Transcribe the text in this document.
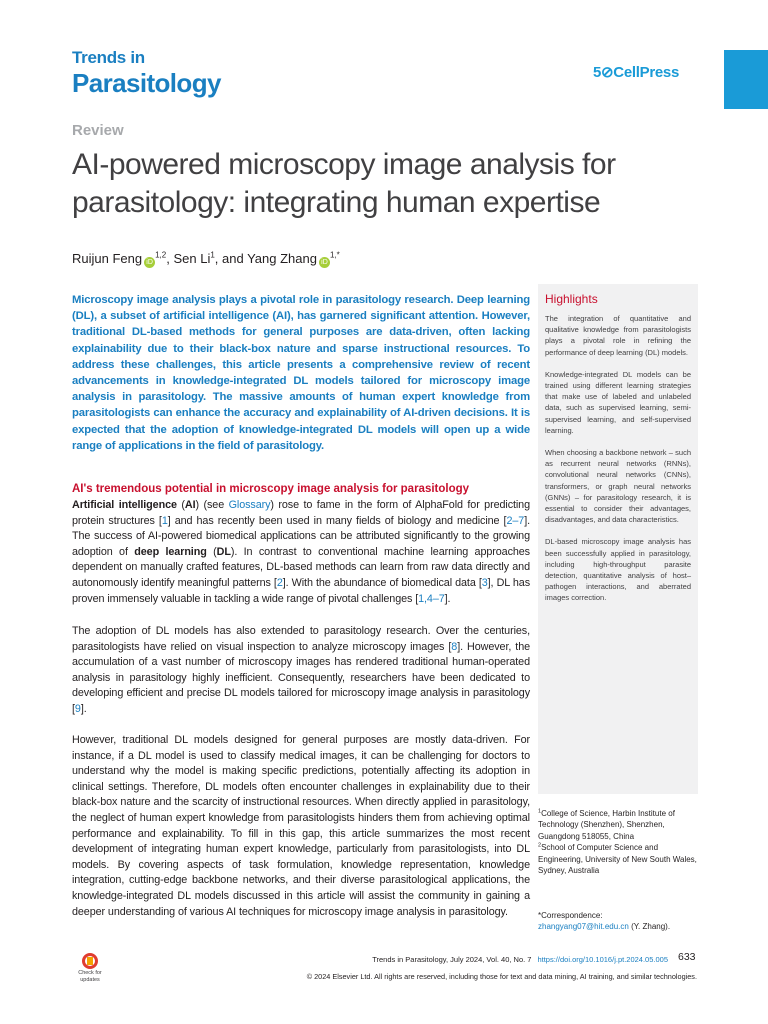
Trends in
Parasitology	5⊘CellPress
Review
AI-powered microscopy image analysis for parasitology: integrating human expertise
Ruijun Feng iD$^{1,2}$, Sen Li$^1$, and Yang Zhang $iD^{1,*}$

Microscopy image analysis plays a pivotal role in parasitology research. Deep learning (DL), a subset of artificial intelligence (AI), has garnered significant attention. However, traditional DL-based methods for general purposes are data-driven, often lacking explainability due to their black-box nature and sparse instructional resources. To address these challenges, this article presents a comprehensive review of recent advancements in knowledge-integrated DL models tailored for microscopy image analysis in parasitology. The massive amounts of human expert knowledge from parasitologists can enhance the accuracy and explainability of AI-driven decisions. It is expected that the adoption of knowledge-integrated DL models will open up a wide range of applications in the field of parasitology.

Highlights

The integration of quantitative and qualitative knowledge from parasitologists plays a pivotal role in refining the performance of deep learning (DL) models.

Knowledge-integrated DL models can be trained using different learning strategies that make use of labeled and unlabeled data, such as supervised learning, semi-supervised learning, and self-supervised learning.

When choosing a backbone network – such as recurrent neural networks (RNNs), convolutional neural networks (CNNs), transformers, or graph neural networks (GNNs) – for parasitology research, it is essential to consider their advantages, disadvantages, and data characteristics.

DL-based microscopy image analysis has been successfully applied in parasitology, including high-throughput parasite detection, quantitative analysis of host–pathogen interactions, and aberrated images correction.

AI's tremendous potential in microscopy image analysis for parasitology

Artificial intelligence (AI) (see Glossary) rose to fame in the form of AlphaFold for predicting protein structures [1] and has recently been used in many fields of biology and medicine [2–7]. The success of AI-powered biomedical applications can be attributed significantly to the growing adoption of deep learning (DL). In contrast to conventional machine learning approaches dependent on manually crafted features, DL-based methods can learn from raw data directly and autonomously identify meaningful patterns [2]. With the abundance of biomedical data [3], DL has proven immensely valuable in tackling a wide range of pivotal challenges [1,4–7].

The adoption of DL models has also extended to parasitology research. Over the centuries, parasitologists have relied on visual inspection to analyze microscopy images [8]. However, the accumulation of a vast number of microscopy images has rendered traditional human-operated analysis in parasitology highly inefficient. Consequently, researchers have been dedicated to developing efficient and precise DL models tailored for microscopy image analysis in parasitology [9].

However, traditional DL models designed for general purposes are mostly data-driven. For instance, if a DL model is used to classify medical images, it can be challenging for doctors to understand why the model is making specific predictions, potentially affecting its adoption in clinical settings. Therefore, DL models often encounter challenges in explainability due to their black-box nature and the scarcity of instructional resources. When directly applied in parasitology, the neglect of human expert knowledge from parasitologists hinders them from achieving optimal performance and explainability. To fill in this gap, this article summarizes the most recent development of integrating human expert knowledge, particularly from parasitologists, into DL models. By covering aspects of task formulation, knowledge representation, knowledge integration, cutting-edge backbone networks, and their diverse parasitological applications, the knowledge-integrated DL models discussed in this article will assist the community in gaining a deeper understanding of various AI techniques for microscopy image analysis in parasitology.

$^1$College of Science, Harbin Institute of Technology (Shenzhen), Shenzhen, Guangdong 518055, China

$^2$School of Computer Science and Engineering, University of New South Wales, Sydney, Australia

*Correspondence:

zhangyang07@hit.edu.cn (Y. Zhang).

Check for updates
Trends in Parasitology, July 2024, Vol. 40, No. 7 https://doi.org/10.1016/j.pt.2024.05.005 633
© 2024 Elsevier Ltd. All rights are reserved, including those for text and data mining, AI training, and similar technologies.
